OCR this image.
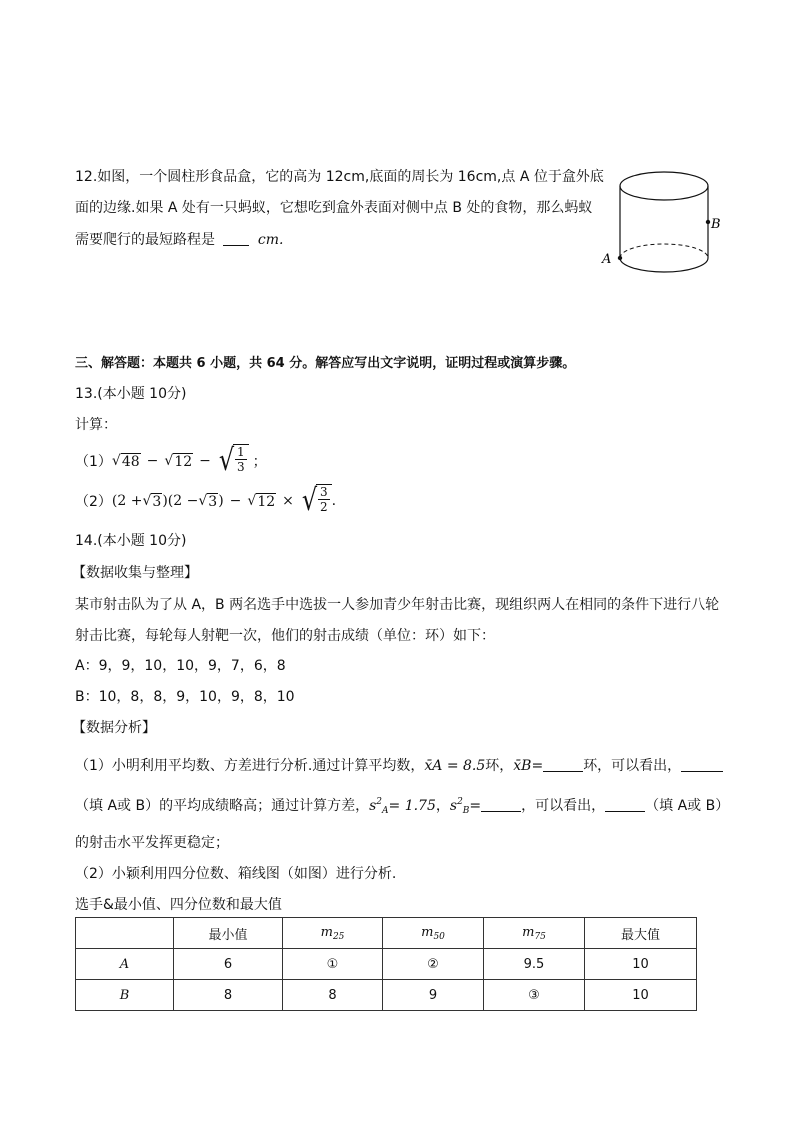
12.如图，一个圆柱形食品盒，它的高为 12cm,底面的周长为 16cm,点 A 位于盒外底
面的边缘.如果 A 处有一只蚂蚁，它想吃到盒外表面对侧中点 B 处的食物，那么蚂蚁
需要爬行的最短路程是	cm.
A
B
三、解答题：本题共 6 小题，共 64 分。解答应写出文字说明，证明过程或演算步骤。
13.(本小题 10分)
计算：
（1） √ 48 − √ 12 − √ $\frac{1}{3}$ ；
（2） (2 + √ 3 )(2 − √ 3 ) − √ 12 × √ $\frac{3}{2}$ .
14.(本小题 10分)
【数据收集与整理】
某市射击队为了从 A，B 两名选手中选拔一人参加青少年射击比赛，现组织两人在相同的条件下进行八轮
射击比赛，每轮每人射靶一次，他们的射击成绩（单位：环）如下：
A：9，9，10，10，9，7，6，8
B：10，8，8，9，10，9，8，10
【数据分析】
（1）小明利用平均数、方差进行分析.通过计算平均数，x̄A = 8.5环，x̄B=	环，可以看出，
（填 A或 B）的平均成绩略高；通过计算方差，$s^2_A= 1.75$，$s^2_B=$	，可以看出，	（填 A或 B）
的射击水平发挥更稳定；
（2）小颖利用四分位数、箱线图（如图）进行分析.
选手&最小值、四分位数和最大值
	最小值	$m_{25}$	$m_{50}$	$m_{75}$	最大值
A	6	①	②	9.5	10
B	8	8	9	③	10
